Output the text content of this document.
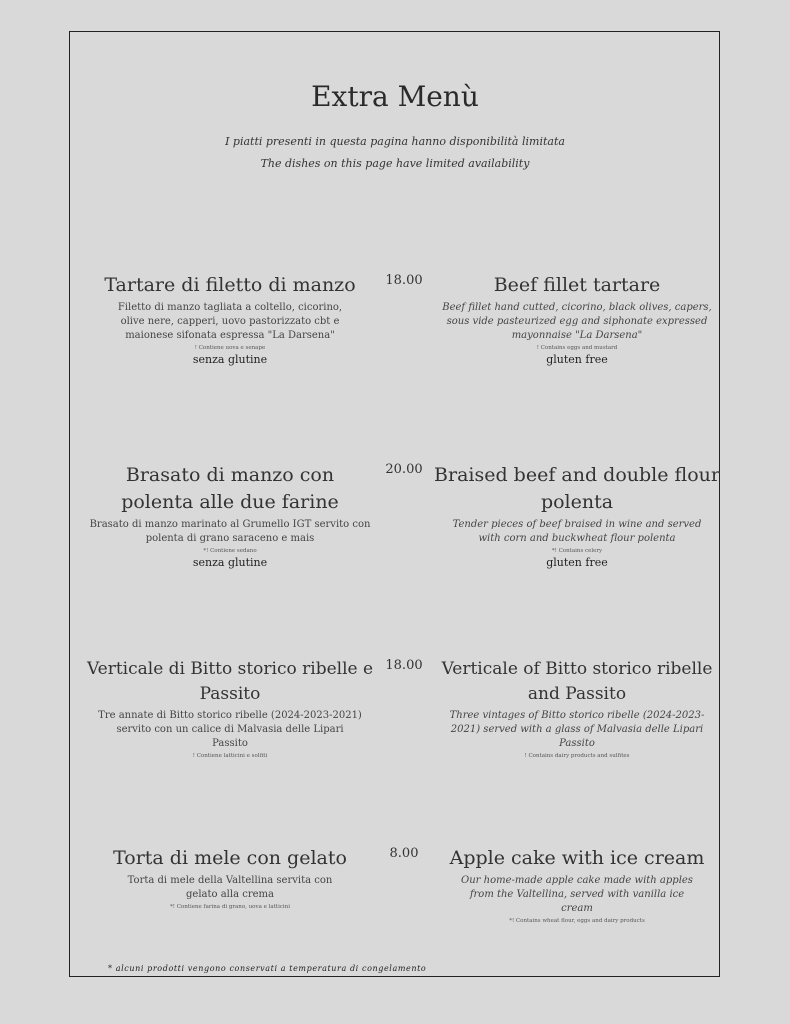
Extra Menù
I piatti presenti in questa pagina hanno disponibilità limitata
The dishes on this page have limited availability
Tartare di filetto di manzo
Filetto di manzo tagliata a coltello, cicorino, olive nere, capperi, uovo pastorizzato cbt e maionese sifonata espressa "La Darsena"
! Contiene uova e senape
senza glutine
18.00	Beef fillet tartare
Beef fillet hand cutted, cicorino, black olives, capers, sous vide pasteurized egg and siphonate expressed mayonnaise "La Darsena"
! Contains eggs and mustard
gluten free
Brasato di manzo con polenta alle due farine
Brasato di manzo marinato al Grumello IGT servito con polenta di grano saraceno e mais
*! Contiene sedano
senza glutine
20.00 Braised beef and double flour polenta
Tender pieces of beef braised in wine and served with corn and buckwheat flour polenta
*! Contains celery
gluten free
Verticale di Bitto storico ribelle e Passito
Tre annate di Bitto storico ribelle (2024-2023-2021) servito con un calice di Malvasia delle Lipari Passito
! Contiene latticini e solfiti
18.00	Verticale of Bitto storico ribelle and Passito
Three vintages of Bitto storico ribelle (2024-2023-2021) served with a glass of Malvasia delle Lipari Passito
! Contains dairy products and sulfites
Torta di mele con gelato
Torta di mele della Valtellina servita con gelato alla crema
*! Contiene farina di grano, uova e latticini
8.00	Apple cake with ice cream
Our home-made apple cake made with apples from the Valtellina, served with vanilla ice cream
*! Contains wheat flour, eggs and dairy products
* alcuni prodotti vengono conservati a temperatura di congelamento
